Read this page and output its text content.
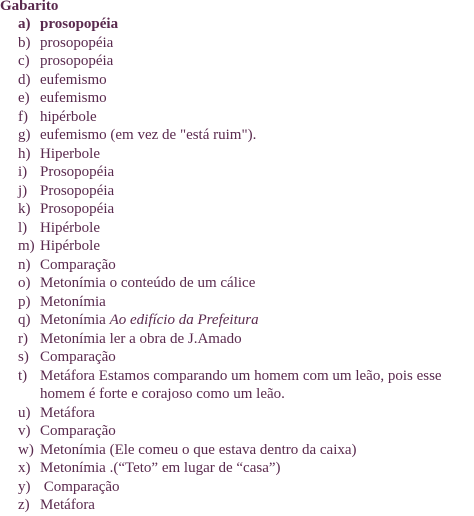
Gabarito
a) prosopopéia
b) prosopopéia
c) prosopopéia
d) eufemismo
e) eufemismo
f) hipérbole
g) eufemismo (em vez de "está ruim").
h) Hiperbole
i) Prosopopéia
j) Prosopopéia
k) Prosopopéia
l) Hipérbole
m) Hipérbole
n) Comparação
o) Metonímia o conteúdo de um cálice
p) Metonímia
q) Metonímia Ao edifício da Prefeitura
r) Metonímia ler a obra de J.Amado
s) Comparação
t) Metáfora Estamos comparando um homem com um leão, pois esse
homem é forte e corajoso como um leão.
u) Metáfora
v) Comparação
w) Metonímia (Ele comeu o que estava dentro da caixa)
x) Metonímia .(“Teto” em lugar de “casa”)
y) Comparação
z) Metáfora
